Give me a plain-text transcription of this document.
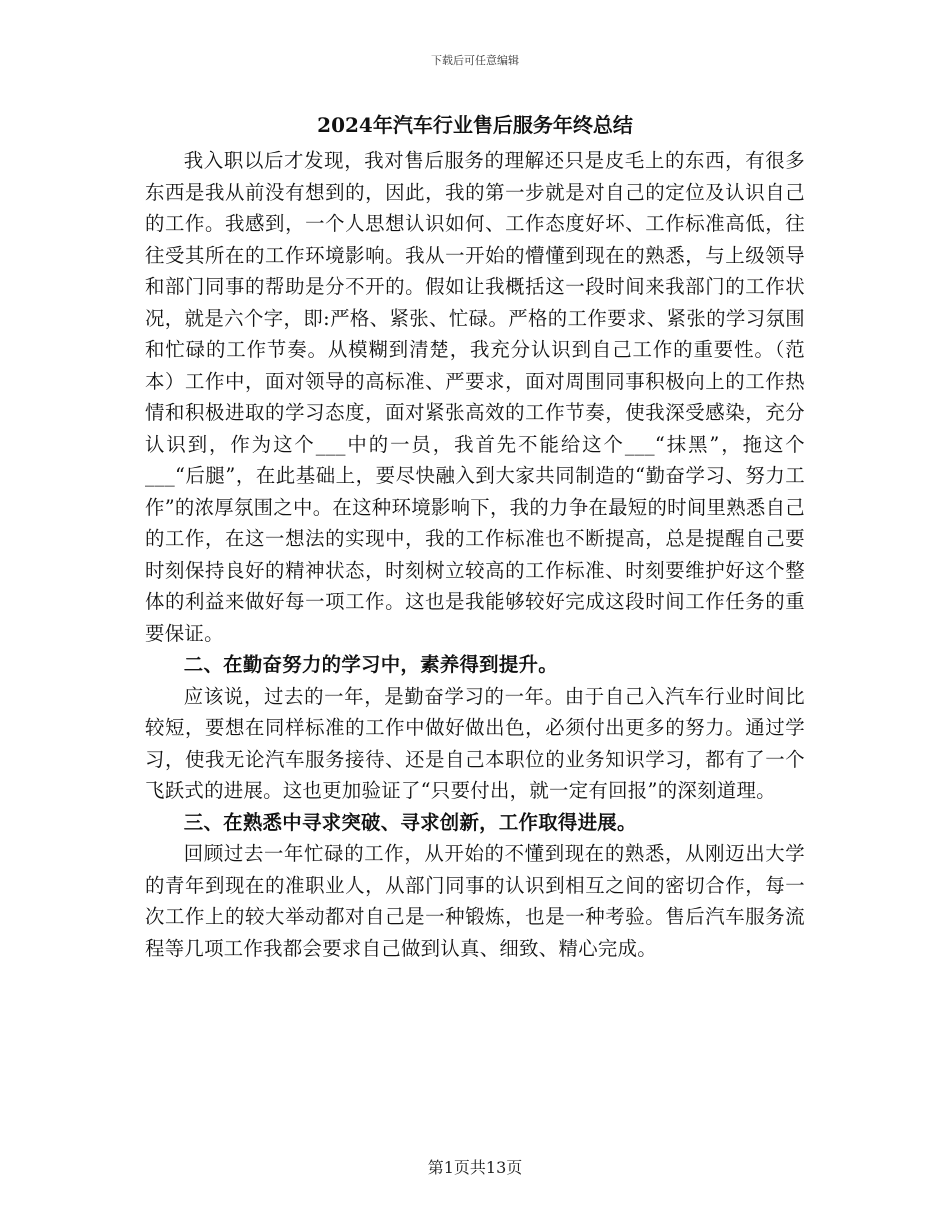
下载后可任意编辑
2024年汽车行业售后服务年终总结

我入职以后才发现，我对售后服务的理解还只是皮毛上的东西，有很多东西是我从前没有想到的，因此，我的第一步就是对自己的定位及认识自己的工作。我感到，一个人思想认识如何、工作态度好坏、工作标准高低，往往受其所在的工作环境影响。我从一开始的懵懂到现在的熟悉，与上级领导和部门同事的帮助是分不开的。假如让我概括这一段时间来我部门的工作状况，就是六个字，即:严格、紧张、忙碌。严格的工作要求、紧张的学习氛围和忙碌的工作节奏。从模糊到清楚，我充分认识到自己工作的重要性。（范本）工作中，面对领导的高标准、严要求，面对周围同事积极向上的工作热情和积极进取的学习态度，面对紧张高效的工作节奏，使我深受感染，充分认识到，作为这个___中的一员，我首先不能给这个___“抹黑”，拖这个___“后腿”，在此基础上，要尽快融入到大家共同制造的“勤奋学习、努力工作”的浓厚氛围之中。在这种环境影响下，我的力争在最短的时间里熟悉自己的工作，在这一想法的实现中，我的工作标准也不断提高，总是提醒自己要时刻保持良好的精神状态，时刻树立较高的工作标准、时刻要维护好这个整体的利益来做好每一项工作。这也是我能够较好完成这段时间工作任务的重要保证。

二、在勤奋努力的学习中，素养得到提升。

应该说，过去的一年，是勤奋学习的一年。由于自己入汽车行业时间比较短，要想在同样标准的工作中做好做出色，必须付出更多的努力。通过学习，使我无论汽车服务接待、还是自己本职位的业务知识学习，都有了一个飞跃式的进展。这也更加验证了“只要付出，就一定有回报”的深刻道理。

三、在熟悉中寻求突破、寻求创新，工作取得进展。

回顾过去一年忙碌的工作，从开始的不懂到现在的熟悉，从刚迈出大学的青年到现在的准职业人，从部门同事的认识到相互之间的密切合作，每一次工作上的较大举动都对自己是一种锻炼，也是一种考验。售后汽车服务流程等几项工作我都会要求自己做到认真、细致、精心完成。

第1页共13页
